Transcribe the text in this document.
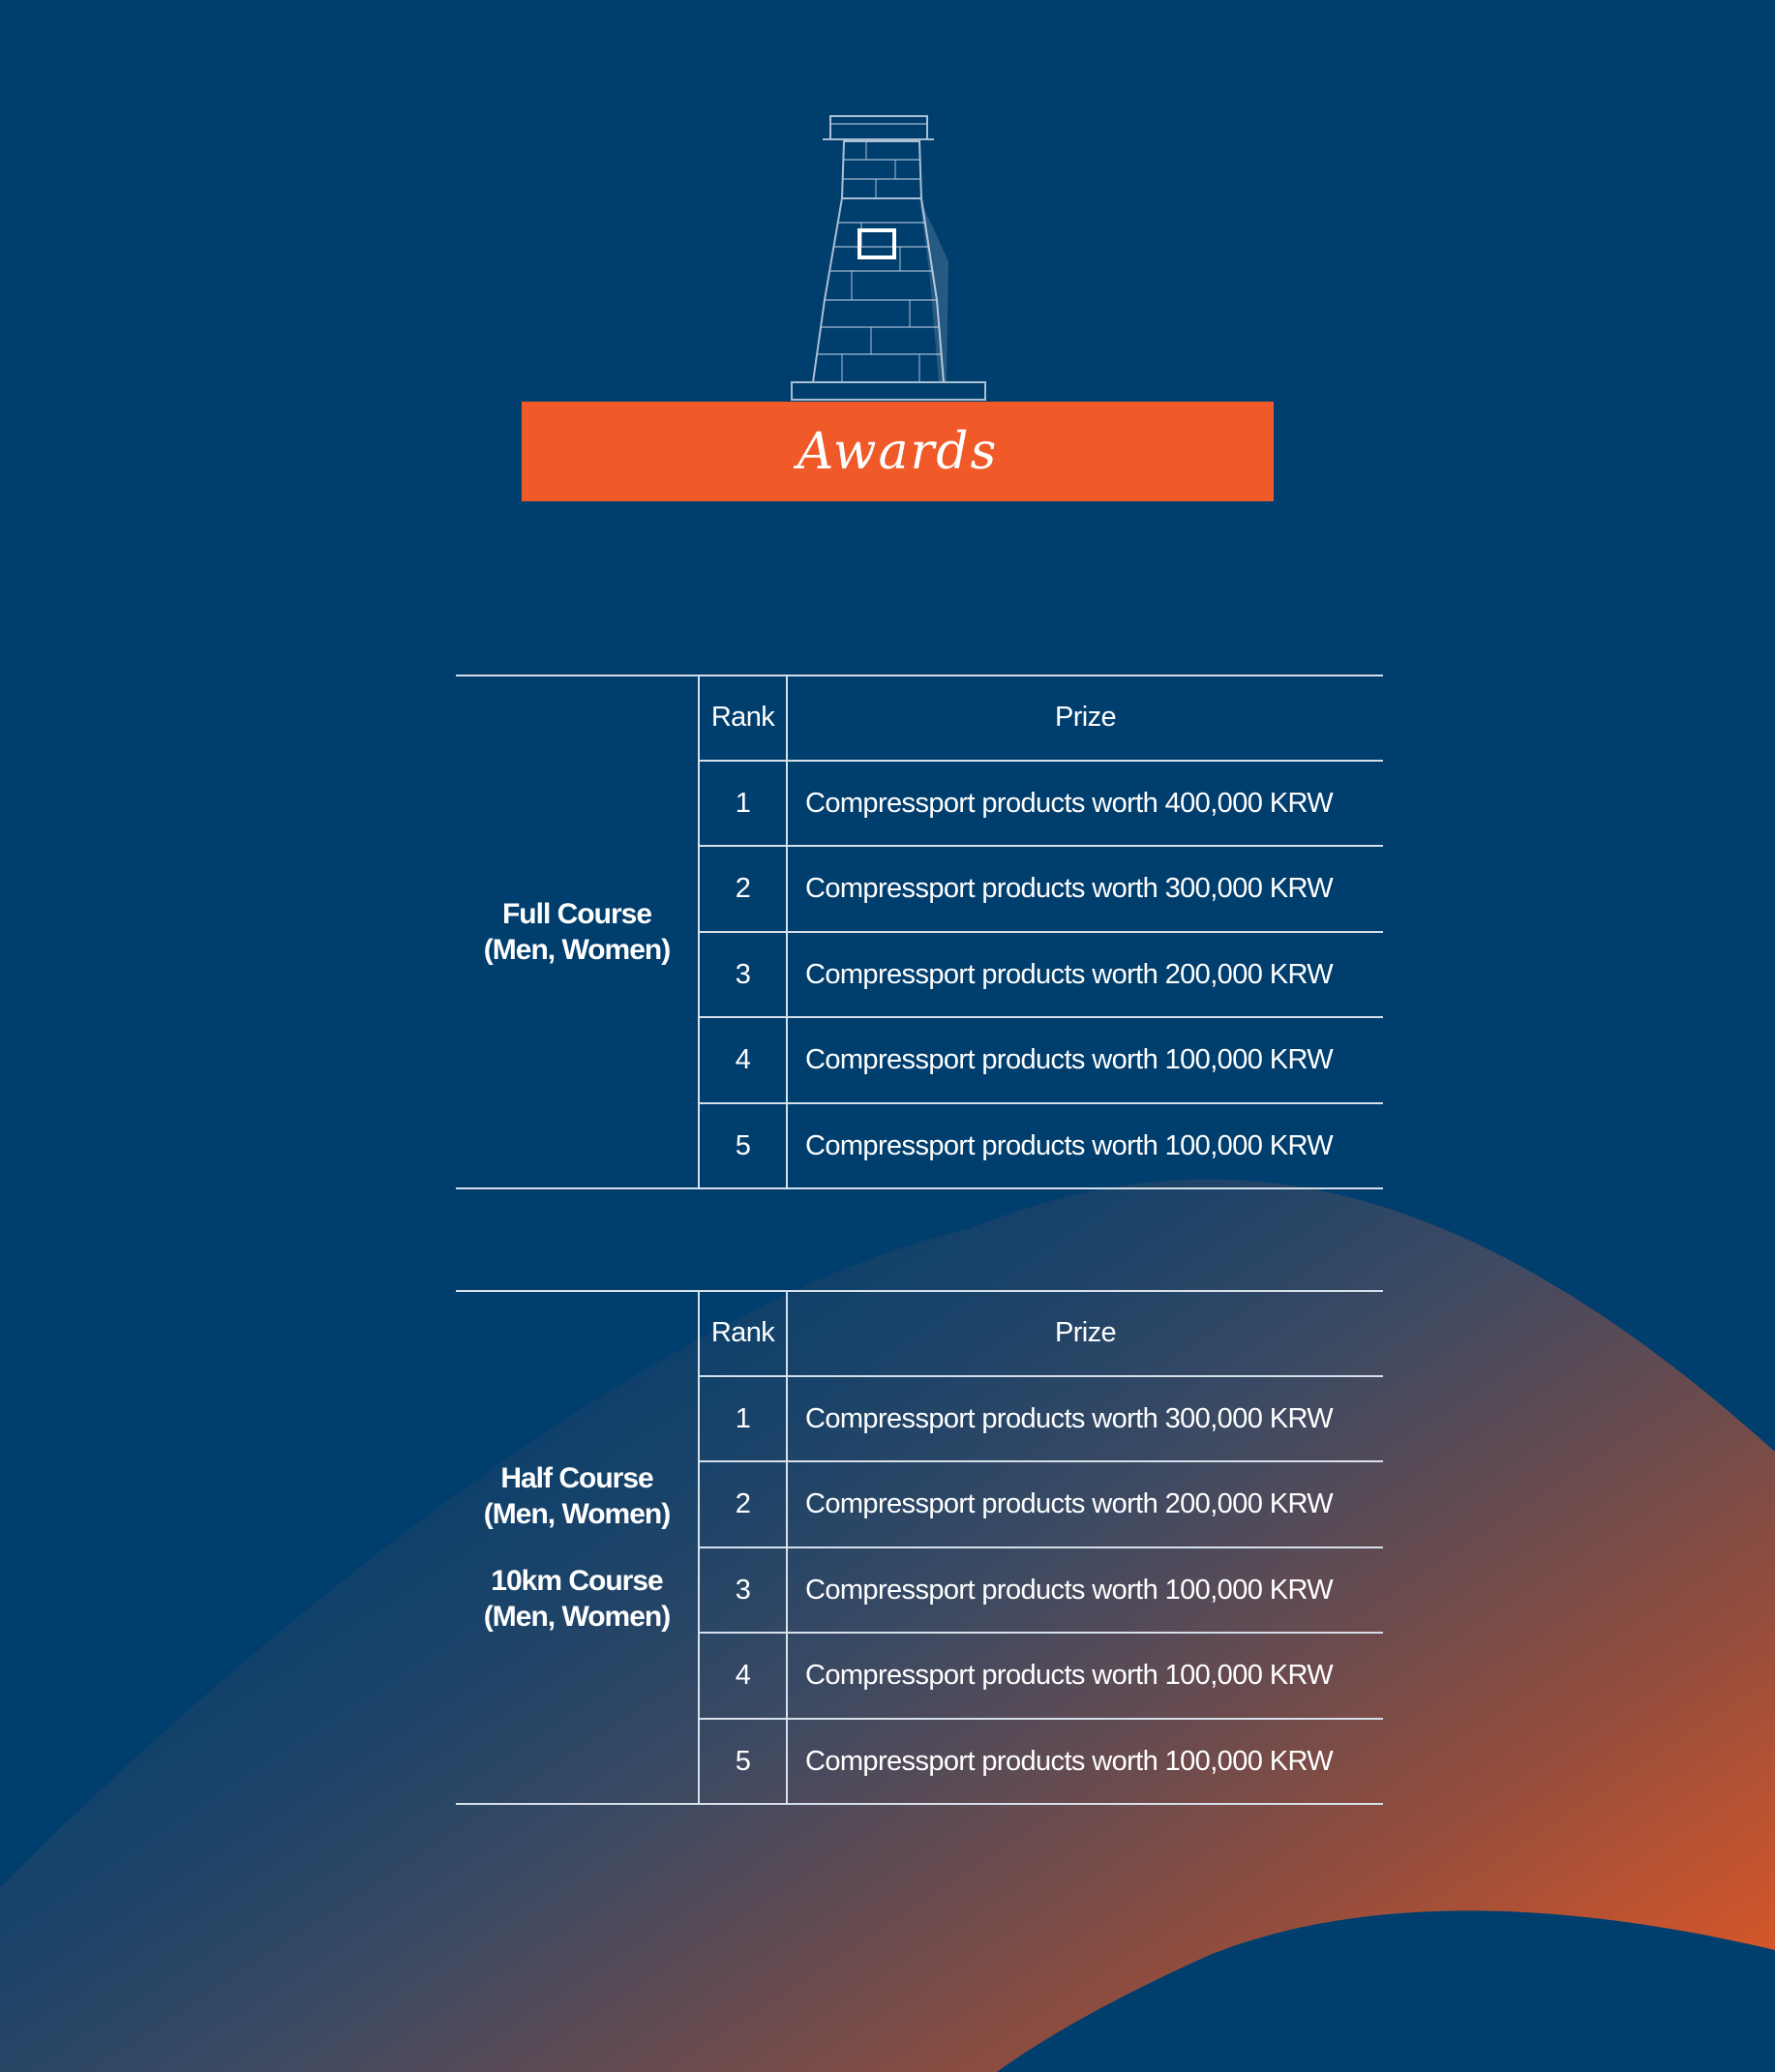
Awards
Full Course
(Men, Women)
Rank	Prize
1	Compressport products worth 400,000 KRW
2	Compressport products worth 300,000 KRW
3	Compressport products worth 200,000 KRW
4	Compressport products worth 100,000 KRW
5	Compressport products worth 100,000 KRW
Half Course
(Men, Women)
10km Course
(Men, Women)
Rank	Prize
1	Compressport products worth 300,000 KRW
2	Compressport products worth 200,000 KRW
3	Compressport products worth 100,000 KRW
4	Compressport products worth 100,000 KRW
5	Compressport products worth 100,000 KRW
